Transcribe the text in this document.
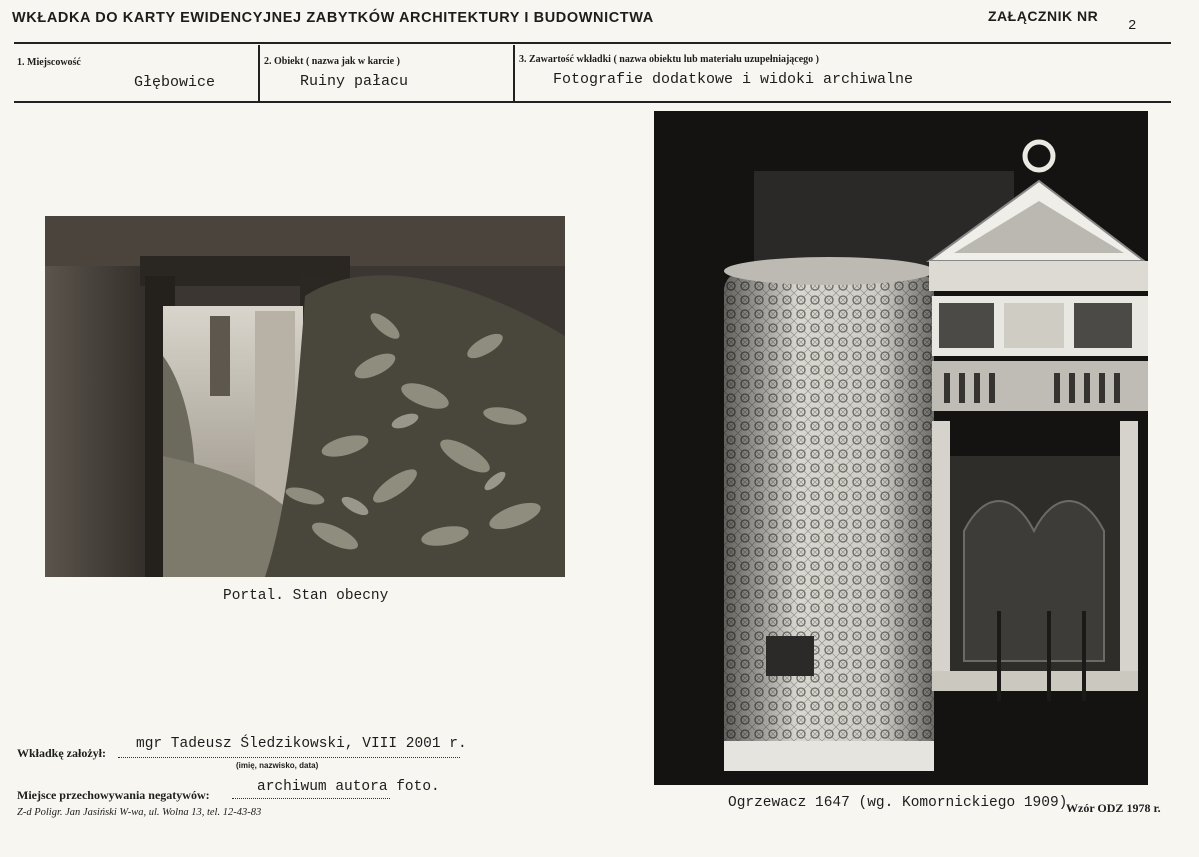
WKŁADKA DO KARTY EWIDENCYJNEJ ZABYTKÓW ARCHITEKTURY I BUDOWNICTWA	ZAŁĄCZNIK NR
2
1. Miejscowość
Głębowice
2. Obiekt ( nazwa jak w karcie )
Ruiny pałacu
3. Zawartość wkładki ( nazwa obiektu lub materiału uzupełniającego )
Fotografie dodatkowe i widoki archiwalne
Portal. Stan obecny
Ogrzewacz 1647 (wg. Komornickiego 1909)
Wkładkę założył:
mgr Tadeusz Śledzikowski, VIII 2001 r.
(imię, nazwisko, data)
Miejsce przechowywania negatywów:	archiwum autora foto.
Z-d Poligr. Jan Jasiński W-wa, ul. Wolna 13, tel. 12-43-83	Wzór ODZ 1978 r.
